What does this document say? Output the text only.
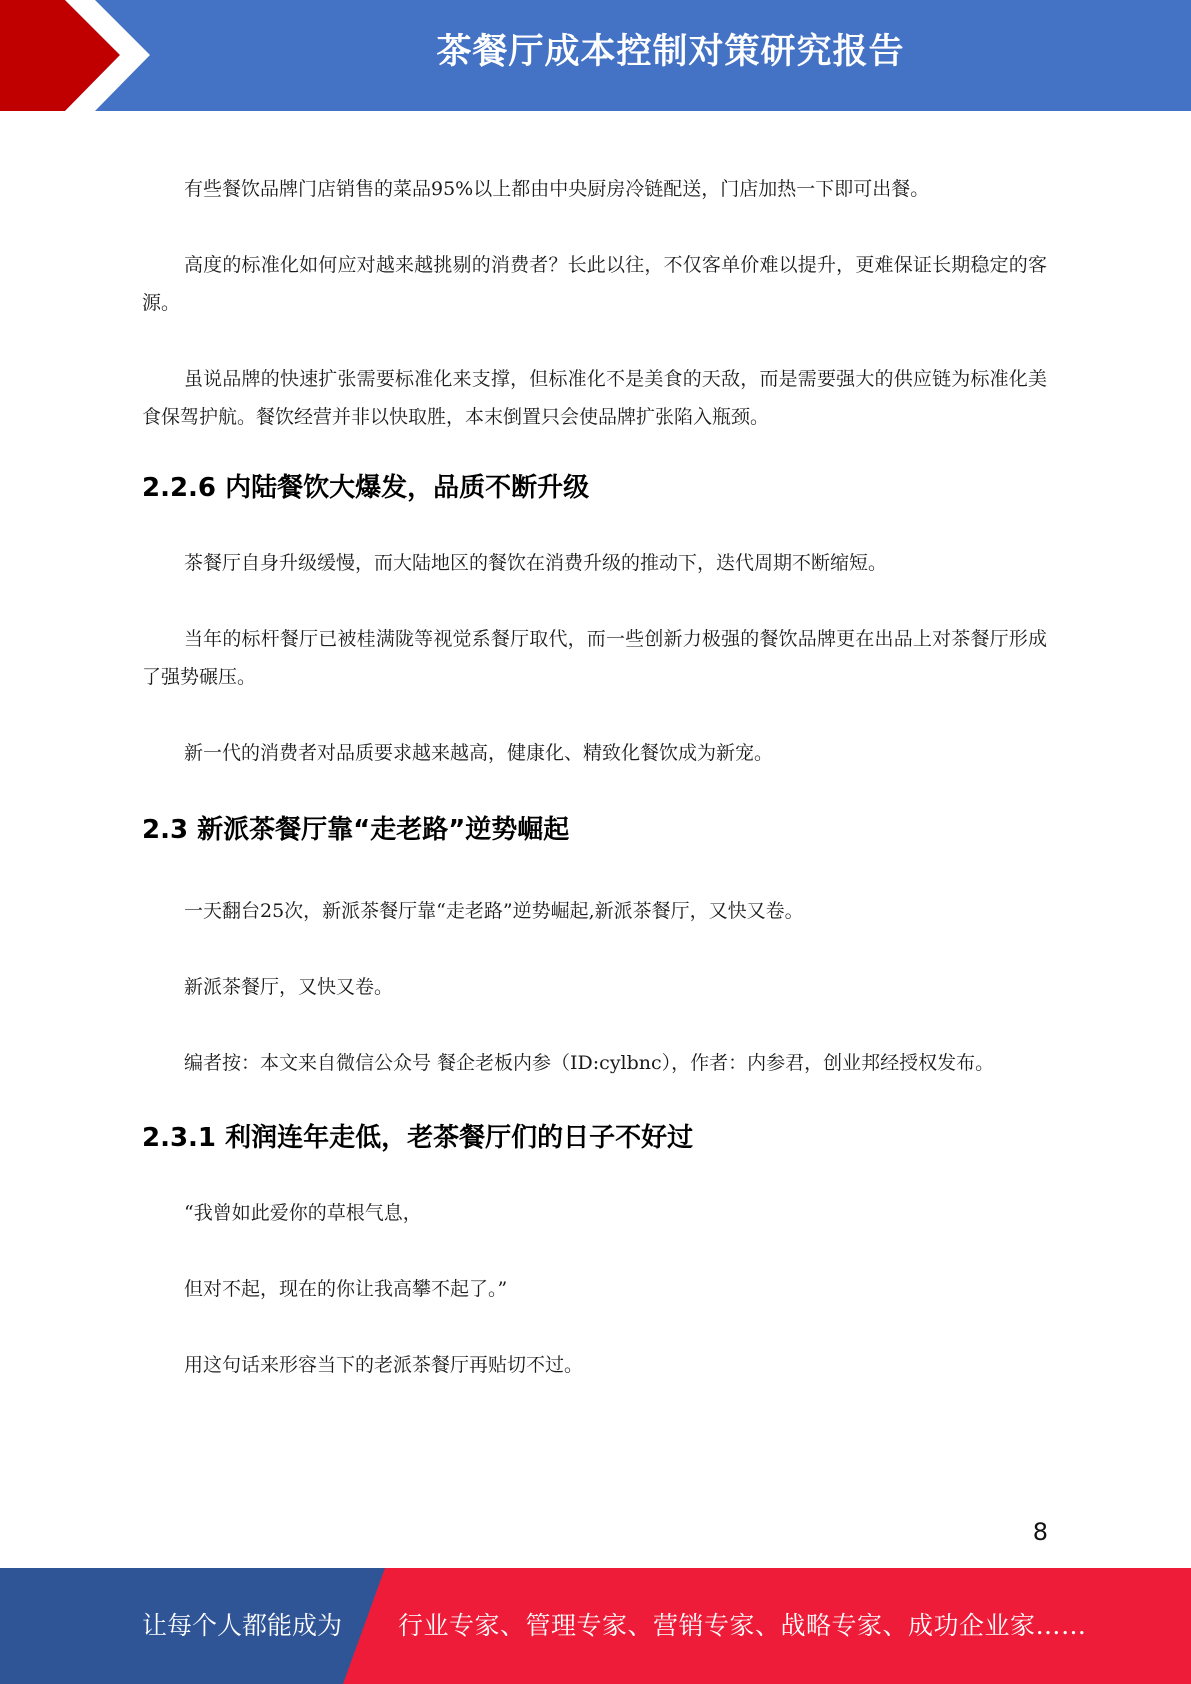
茶餐厅成本控制对策研究报告

有些餐饮品牌门店销售的菜品95%以上都由中央厨房冷链配送，门店加热一下即可出餐。

高度的标准化如何应对越来越挑剔的消费者？长此以往，不仅客单价难以提升，更难保证长期稳定的客源。

虽说品牌的快速扩张需要标准化来支撑，但标准化不是美食的天敌，而是需要强大的供应链为标准化美食保驾护航。餐饮经营并非以快取胜，本末倒置只会使品牌扩张陷入瓶颈。

2.2.6 内陆餐饮大爆发，品质不断升级

茶餐厅自身升级缓慢，而大陆地区的餐饮在消费升级的推动下，迭代周期不断缩短。

当年的标杆餐厅已被桂满陇等视觉系餐厅取代，而一些创新力极强的餐饮品牌更在出品上对茶餐厅形成了强势碾压。

新一代的消费者对品质要求越来越高，健康化、精致化餐饮成为新宠。

2.3 新派茶餐厅靠“走老路”逆势崛起

一天翻台25次，新派茶餐厅靠“走老路”逆势崛起,新派茶餐厅，又快又卷。

新派茶餐厅，又快又卷。

编者按：本文来自微信公众号 餐企老板内参（ID:cylbnc），作者：内参君，创业邦经授权发布。

2.3.1 利润连年走低，老茶餐厅们的日子不好过

“我曾如此爱你的草根气息，

但对不起，现在的你让我高攀不起了。”

用这句话来形容当下的老派茶餐厅再贴切不过。

8
让每个人都能成为 行业专家、管理专家、营销专家、战略专家、成功企业家……
